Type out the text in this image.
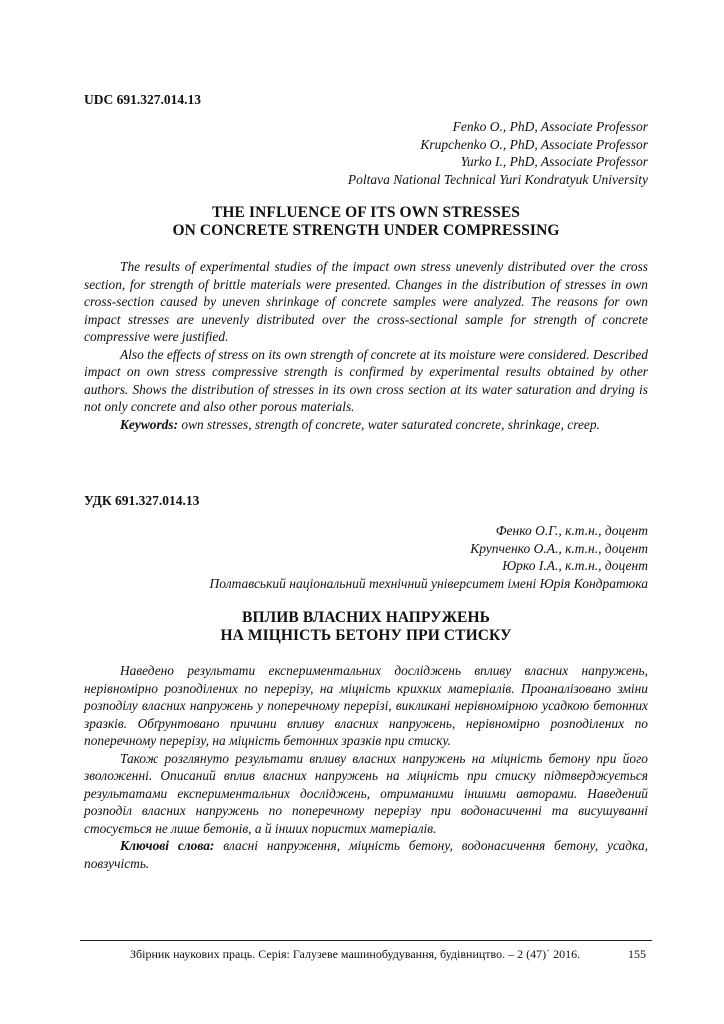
UDC 691.327.014.13
Fenko O., PhD, Associate Professor
Krupchenko O., PhD, Associate Professor
Yurko I., PhD, Associate Professor
Poltava National Technical Yuri Kondratyuk University
THE INFLUENCE OF ITS OWN STRESSES
ON CONCRETE STRENGTH UNDER COMPRESSING

The results of experimental studies of the impact own stress unevenly distributed over the cross section, for strength of brittle materials were presented. Changes in the distribution of stresses in own cross-section caused by uneven shrinkage of concrete samples were analyzed. The reasons for own impact stresses are unevenly distributed over the cross-sectional sample for strength of concrete compressive were justified.

Also the effects of stress on its own strength of concrete at its moisture were considered. Described impact on own stress compressive strength is confirmed by experimental results obtained by other authors. Shows the distribution of stresses in its own cross section at its water saturation and drying is not only concrete and also other porous materials.

Keywords: own stresses, strength of concrete, water saturated concrete, shrinkage, creep.

УДК 691.327.014.13
Фенко О.Г., к.т.н., доцент
Крупченко О.А., к.т.н., доцент
Юрко І.А., к.т.н., доцент
Полтавський національний технічний університет імені Юрія Кондратюка
ВПЛИВ ВЛАСНИХ НАПРУЖЕНЬ
НА МІЦНІСТЬ БЕТОНУ ПРИ СТИСКУ

Наведено результати експериментальних досліджень впливу власних напружень, нерівномірно розподілених по перерізу, на міцність крихких матеріалів. Проаналізовано зміни розподілу власних напружень у поперечному перерізі, викликані нерівномірною усадкою бетонних зразків. Обґрунтовано причини впливу власних напружень, нерівномірно розподілених по поперечному перерізу, на міцність бетонних зразків при стиску.

Також розглянуто результати впливу власних напружень на міцність бетону при його зволоженні. Описаний вплив власних напружень на міцність при стиску підтверджується результатами експериментальних досліджень, отриманими іншими авторами. Наведений розподіл власних напружень по поперечному перерізу при водонасиченні та висушуванні стосується не лише бетонів, а й інших пористих матеріалів.

Ключові слова: власні напруження, міцність бетону, водонасичення бетону, усадка, повзучість.

Збірник наукових праць. Серія: Галузеве машинобудування, будівництво. – 2 (47)΄ 2016.	155
